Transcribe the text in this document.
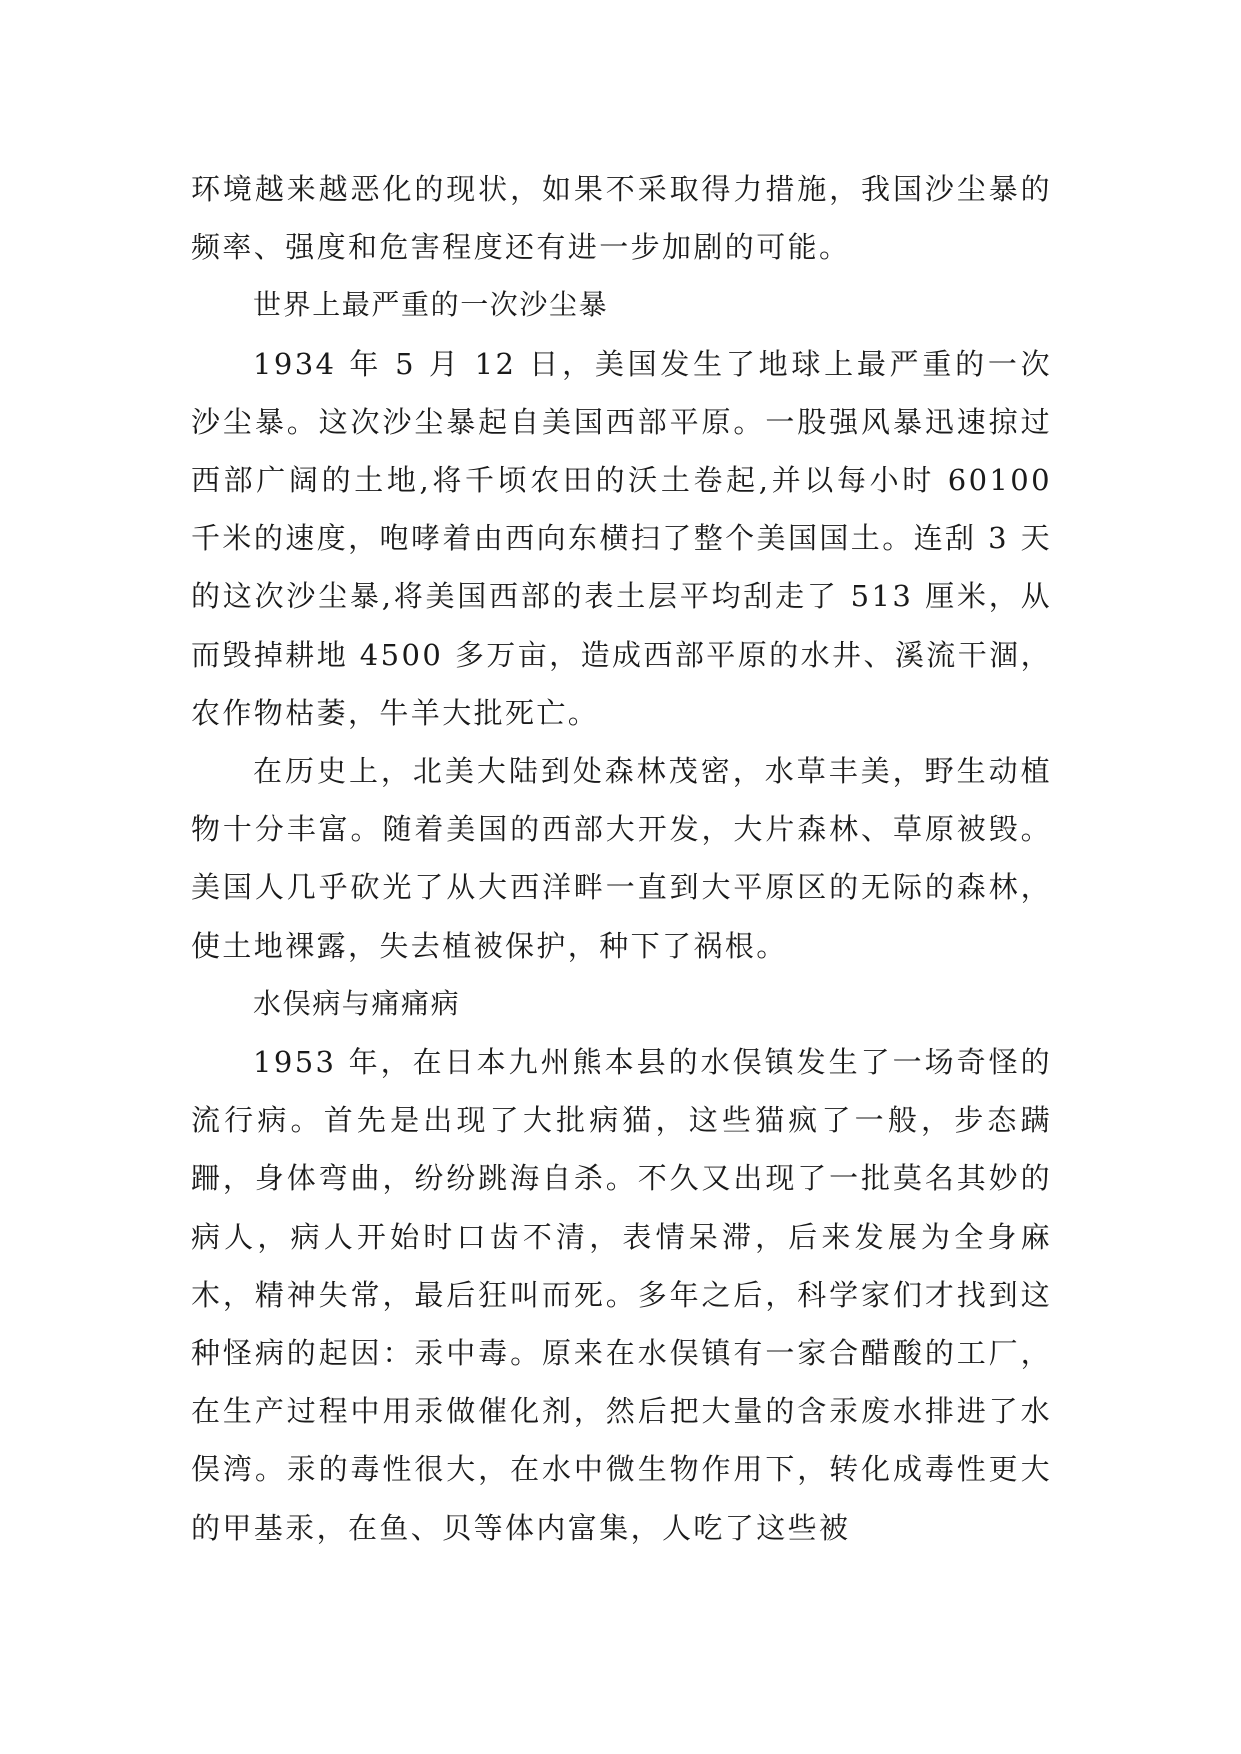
环境越来越恶化的现状，如果不采取得力措施，我国沙尘暴的频率、强度和危害程度还有进一步加剧的可能。

世界上最严重的一次沙尘暴

1934 年 5 月 12 日，美国发生了地球上最严重的一次沙尘暴。这次沙尘暴起自美国西部平原。一股强风暴迅速掠过西部广阔的土地,将千顷农田的沃土卷起,并以每小时 60100 千米的速度，咆哮着由西向东横扫了整个美国国土。连刮 3 天的这次沙尘暴,将美国西部的表土层平均刮走了 513 厘米，从而毁掉耕地 4500 多万亩，造成西部平原的水井、溪流干涸，农作物枯萎，牛羊大批死亡。

在历史上，北美大陆到处森林茂密，水草丰美，野生动植物十分丰富。随着美国的西部大开发，大片森林、草原被毁。美国人几乎砍光了从大西洋畔一直到大平原区的无际的森林，使土地裸露，失去植被保护，种下了祸根。

水俣病与痛痛病

1953 年，在日本九州熊本县的水俣镇发生了一场奇怪的流行病。首先是出现了大批病猫，这些猫疯了一般，步态蹒跚，身体弯曲，纷纷跳海自杀。不久又出现了一批莫名其妙的病人，病人开始时口齿不清，表情呆滞，后来发展为全身麻木，精神失常，最后狂叫而死。多年之后，科学家们才找到这种怪病的起因：汞中毒。原来在水俣镇有一家合醋酸的工厂，在生产过程中用汞做催化剂，然后把大量的含汞废水排进了水俣湾。汞的毒性很大，在水中微生物作用下，转化成毒性更大的甲基汞，在鱼、贝等体内富集，人吃了这些被
